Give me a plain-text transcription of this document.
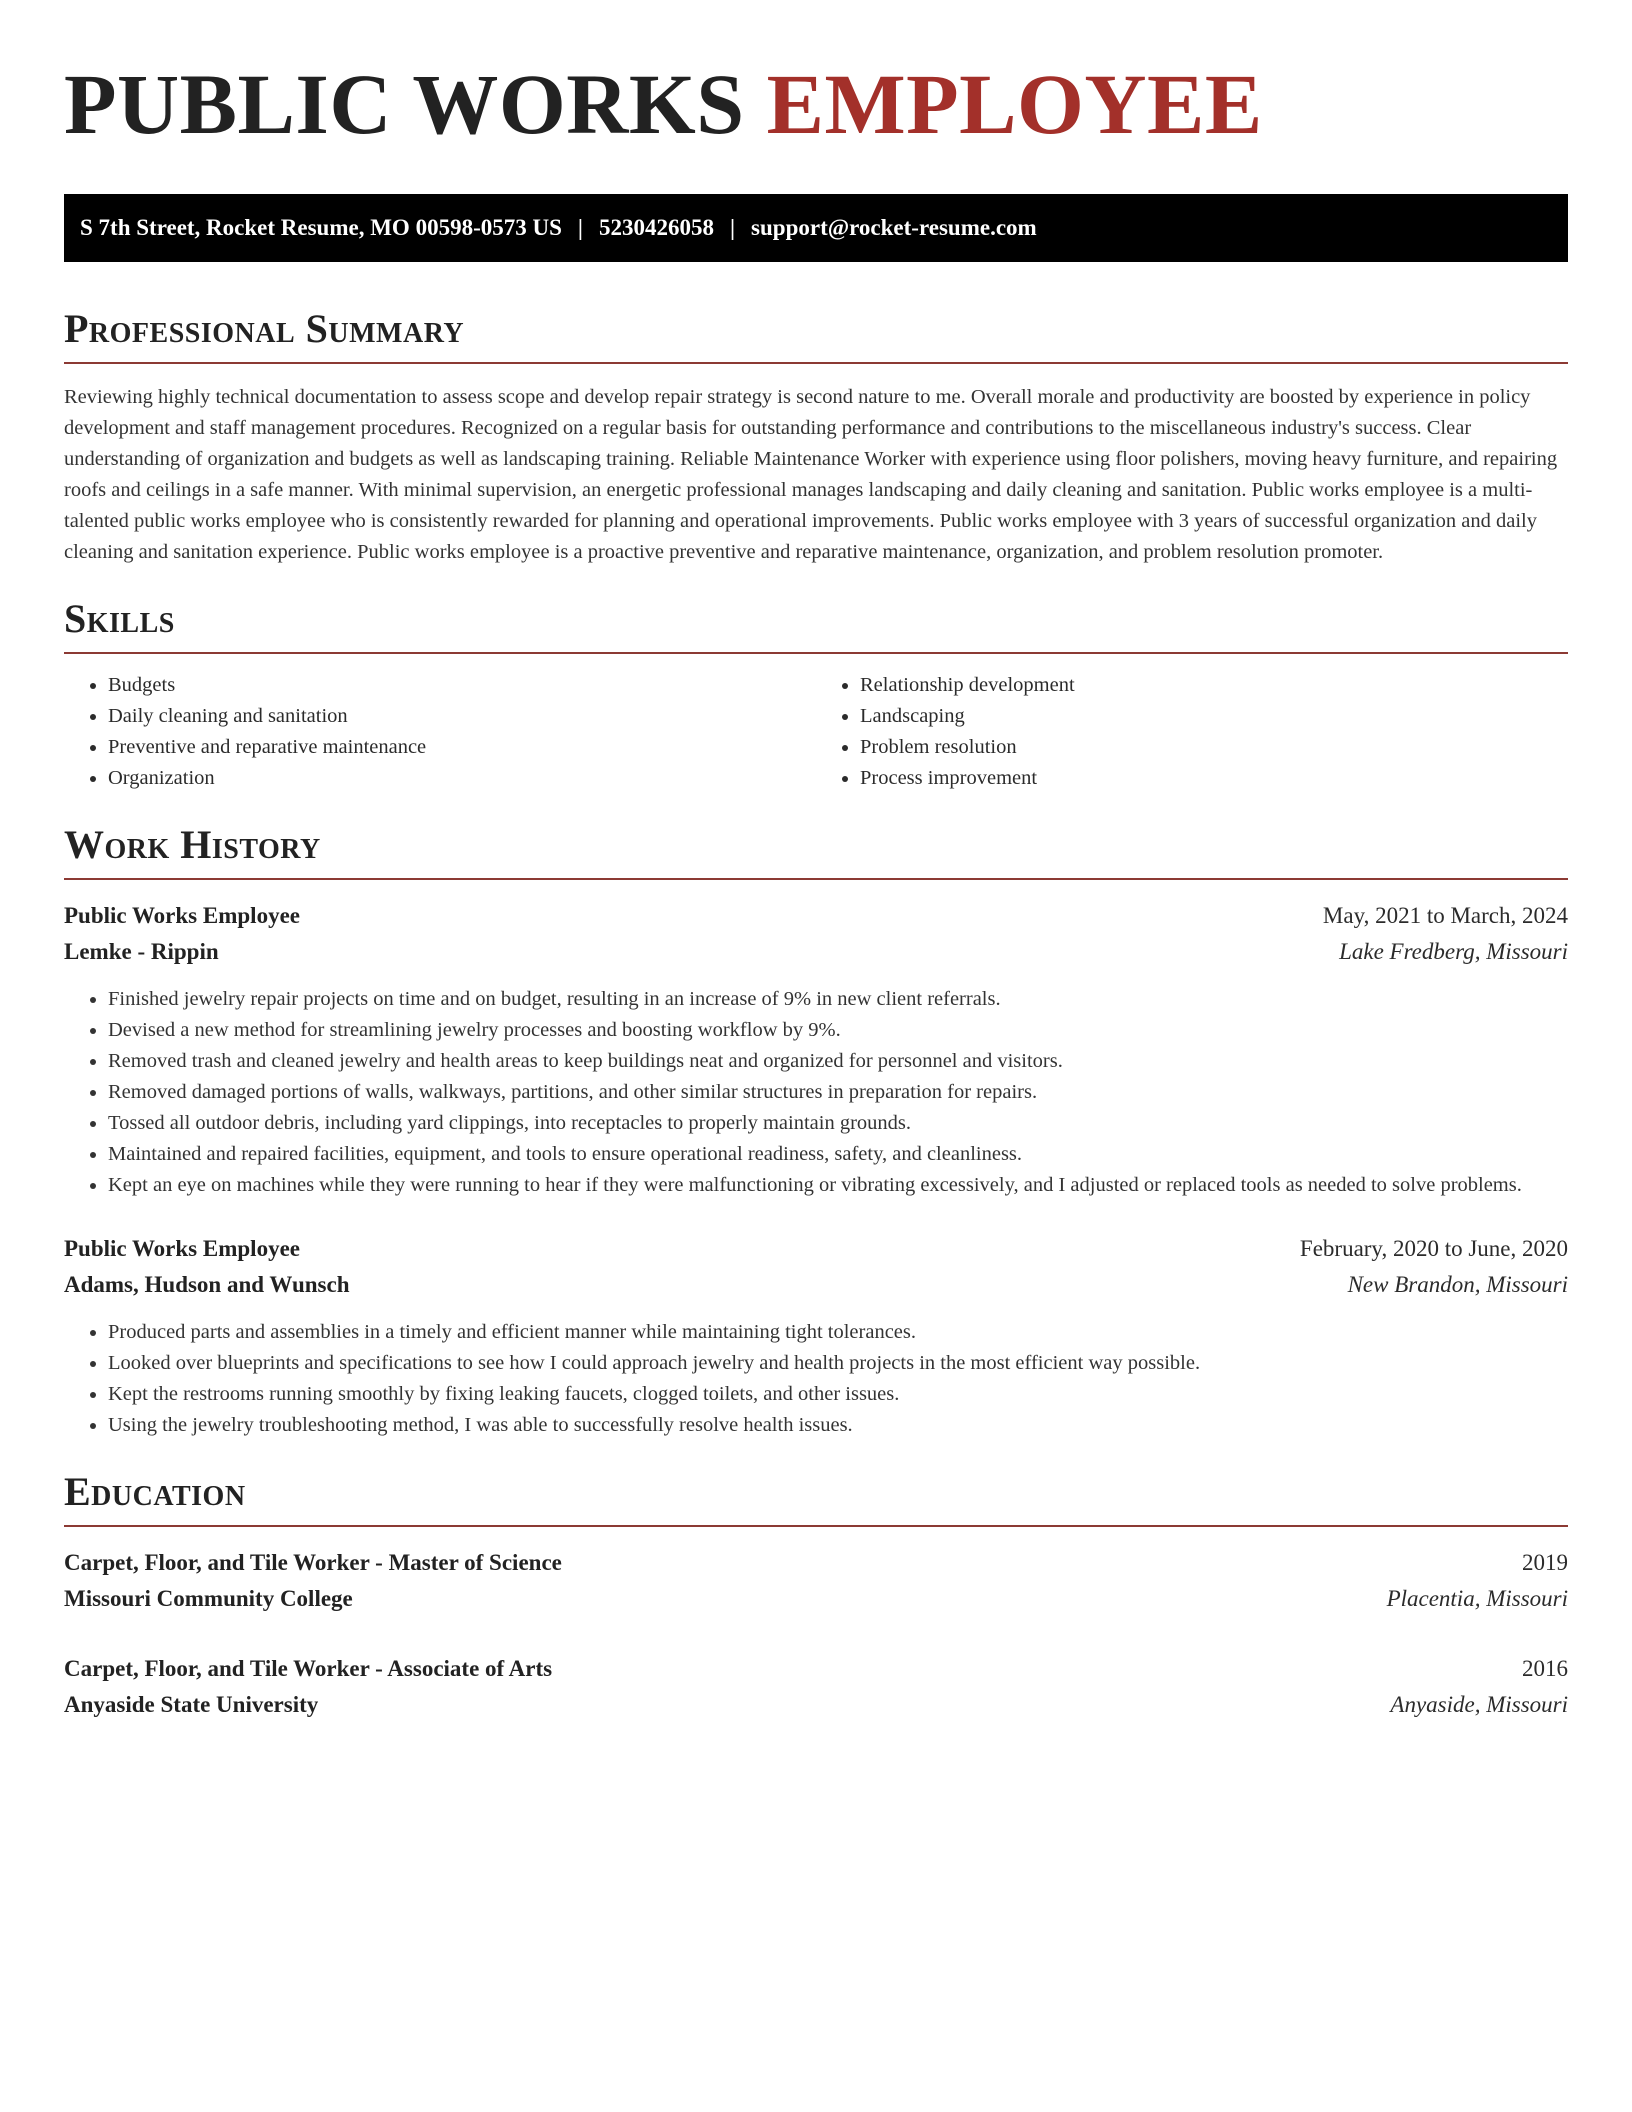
PUBLIC WORKS EMPLOYEE
S 7th Street, Rocket Resume, MO 00598-0573 US | 5230426058 | support@rocket-resume.com
Professional Summary

Reviewing highly technical documentation to assess scope and develop repair strategy is second nature to me. Overall morale and productivity are boosted by experience in policy development and staff management procedures. Recognized on a regular basis for outstanding performance and contributions to the miscellaneous industry's success. Clear understanding of organization and budgets as well as landscaping training. Reliable Maintenance Worker with experience using floor polishers, moving heavy furniture, and repairing roofs and ceilings in a safe manner. With minimal supervision, an energetic professional manages landscaping and daily cleaning and sanitation. Public works employee is a multi-talented public works employee who is consistently rewarded for planning and operational improvements. Public works employee with 3 years of successful organization and daily cleaning and sanitation experience. Public works employee is a proactive preventive and reparative maintenance, organization, and problem resolution promoter.

Skills
• Budgets
• Daily cleaning and sanitation
• Preventive and reparative maintenance
• Organization
• Relationship development
• Landscaping
• Problem resolution
• Process improvement
Work History
Public Works Employee	May, 2021 to March, 2024
Lemke - Rippin	Lake Fredberg, Missouri
• Finished jewelry repair projects on time and on budget, resulting in an increase of 9% in new client referrals.
• Devised a new method for streamlining jewelry processes and boosting workflow by 9%.
• Removed trash and cleaned jewelry and health areas to keep buildings neat and organized for personnel and visitors.
• Removed damaged portions of walls, walkways, partitions, and other similar structures in preparation for repairs.
• Tossed all outdoor debris, including yard clippings, into receptacles to properly maintain grounds.
• Maintained and repaired facilities, equipment, and tools to ensure operational readiness, safety, and cleanliness.
• Kept an eye on machines while they were running to hear if they were malfunctioning or vibrating excessively, and I adjusted or replaced tools as needed to solve problems.
Public Works Employee	February, 2020 to June, 2020
Adams, Hudson and Wunsch	New Brandon, Missouri
• Produced parts and assemblies in a timely and efficient manner while maintaining tight tolerances.
• Looked over blueprints and specifications to see how I could approach jewelry and health projects in the most efficient way possible.
• Kept the restrooms running smoothly by fixing leaking faucets, clogged toilets, and other issues.
• Using the jewelry troubleshooting method, I was able to successfully resolve health issues.
Education
Carpet, Floor, and Tile Worker - Master of Science	2019
Missouri Community College	Placentia, Missouri
Carpet, Floor, and Tile Worker - Associate of Arts	2016
Anyaside State University	Anyaside, Missouri
